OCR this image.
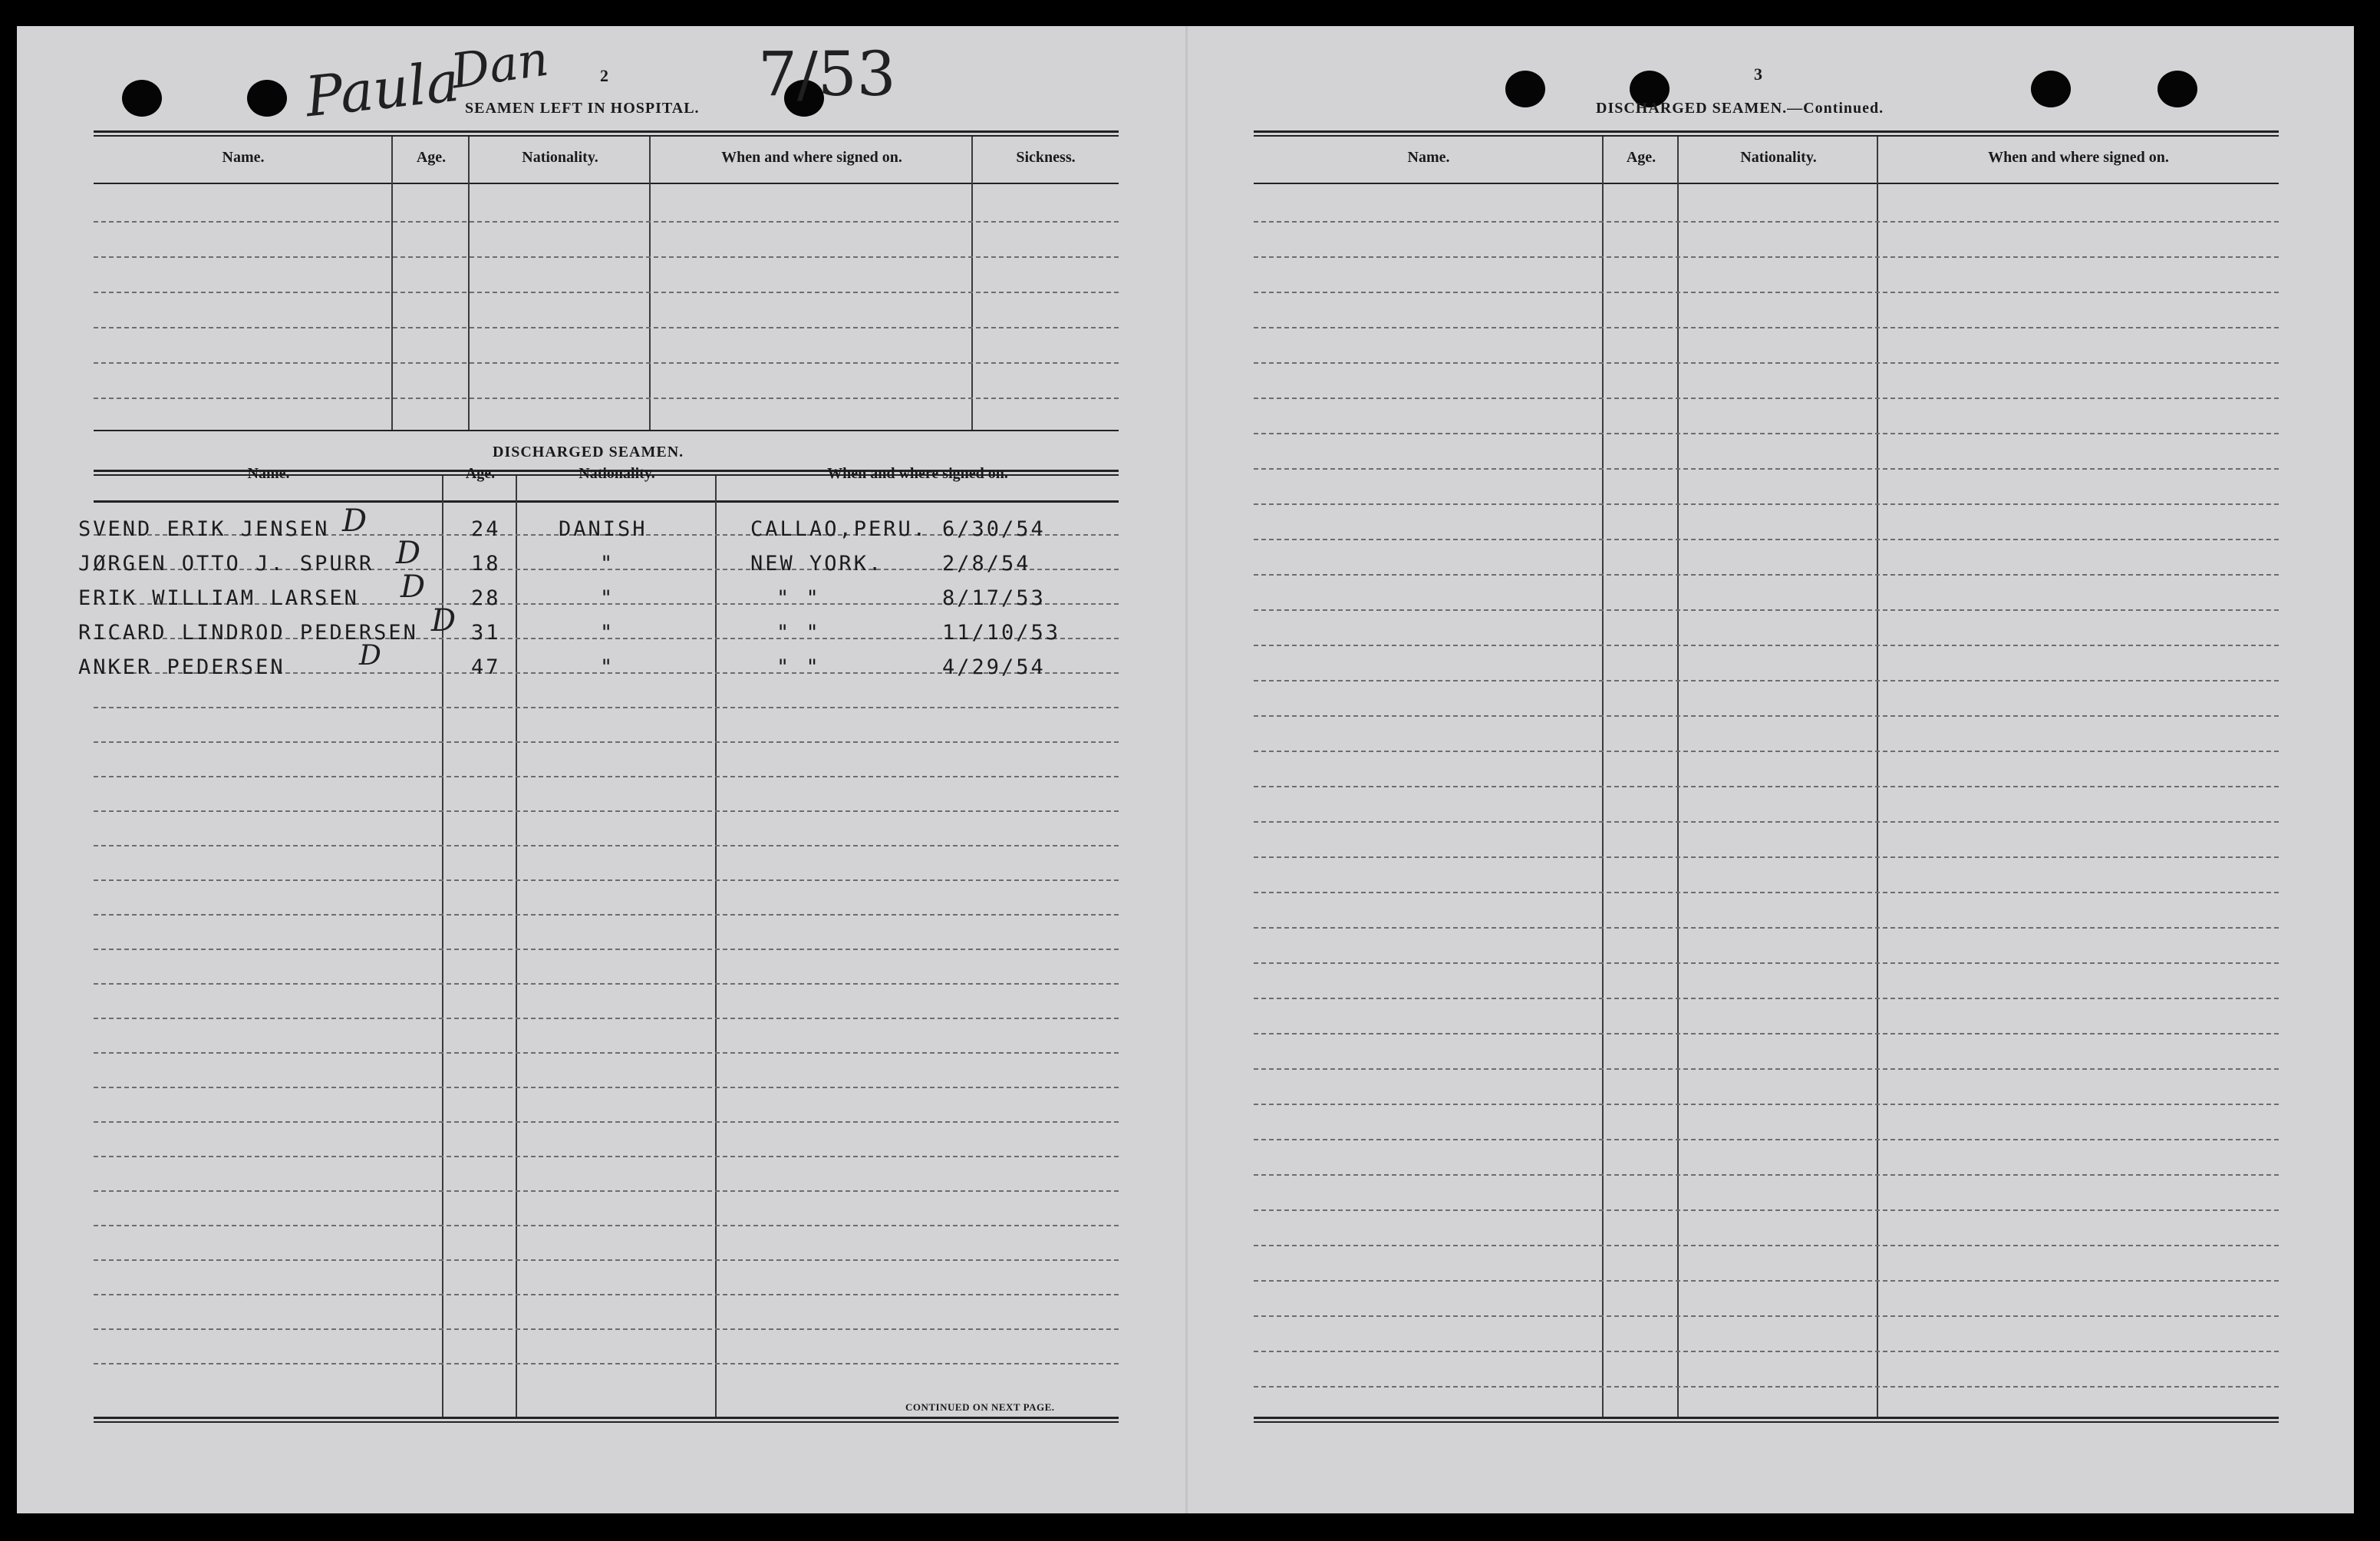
Paula
Dan	7/53
2
SEAMEN LEFT IN HOSPITAL.
Name.	Age.	Nationality.	When and where signed on.	Sickness.
DISCHARGED SEAMEN.
Name.	Age.	Nationality.	When and where signed on.
SVEND ERIK JENSEN D	24	DANISH	CALLAO,PERU. 6/30/54
JØRGEN OTTO J. SPURR D 18	"	NEW YORK.	2/8/54
ERIK WILLIAM LARSEN D 28	"	" "	8/17/53
RICARD LINDROD PEDERSEN D 31	"	" "	11/10/53
ANKER PEDERSEN	D	47	"	" "	4/29/54
CONTINUED ON NEXT PAGE.
3
DISCHARGED SEAMEN.—Continued.
Name.	Age.	Nationality.	When and where signed on.
